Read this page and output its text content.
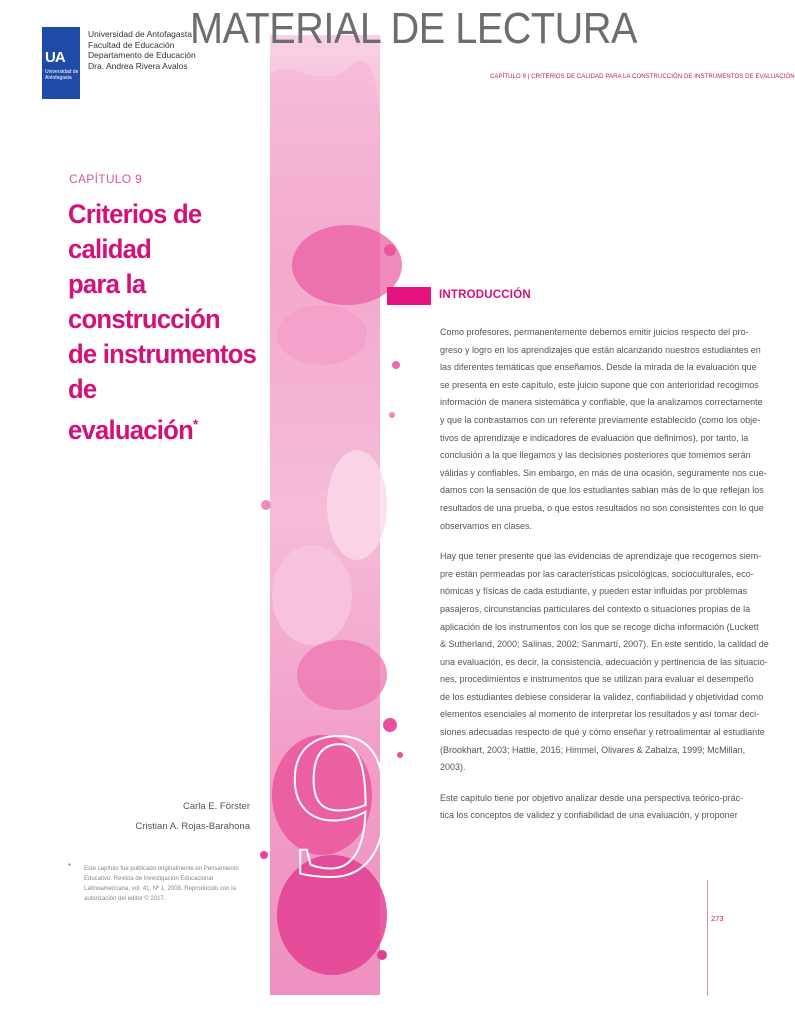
UA
Universidad de Antofagasta
Universidad de Antofagasta
Facultad de Educación
Departamento de Educación
Dra. Andrea Rivera Avalos
MATERIAL DE LECTURA
CAPÍTULO 9 | CRITERIOS DE CALIDAD PARA LA CONSTRUCCIÓN DE INSTRUMENTOS DE EVALUACIÓN
CAPÍTULO 9
Criterios de calidad
para la construcción
de instrumentos de
evaluación*
9
Carla E. Förster
Cristian A. Rojas-Barahona
* Este capítulo fue publicado originalmente en Pensamiento Educativo. Revista de Investigación Educacional Latinoamericana, vol. 41, Nº 1, 2008. Reproducido con la autorización del editor © 2017.
INTRODUCCIÓN
Como profesores, permanentemente debemos emitir juicios respecto del pro-
greso y logro en los aprendizajes que están alcanzando nuestros estudiantes en
las diferentes temáticas que enseñamos. Desde la mirada de la evaluación que
se presenta en este capítulo, este juicio supone que con anterioridad recogimos
información de manera sistemática y confiable, que la analizamos correctamente
y que la contrastamos con un referente previamente establecido (como los obje-
tivos de aprendizaje e indicadores de evaluación que definimos), por tanto, la
conclusión a la que llegamos y las decisiones posteriores que tomemos serán
válidas y confiables. Sin embargo, en más de una ocasión, seguramente nos cue-
damos con la sensación de que los estudiantes sabían más de lo que reflejan los
resultados de una prueba, o que estos resultados no son consistentes con lo que
observamos en clases.
Hay que tener presente que las evidencias de aprendizaje que recogemos siem-
pre están permeadas por las características psicológicas, socioculturales, eco-
nómicas y físicas de cada estudiante, y pueden estar influidas por problemas
pasajeros, circunstancias particulares del contexto o situaciones propias de la
aplicación de los instrumentos con los que se recoge dicha información (Luckett
& Sutherland, 2000; Salinas, 2002; Sanmartí, 2007). En este sentido, la calidad de
una evaluación, es decir, la consistencia, adecuación y pertinencia de las situacio-
nes, procedimientos e instrumentos que se utilizan para evaluar el desempeño
de los estudiantes debiese considerar la validez, confiabilidad y objetividad como
elementos esenciales al momento de interpretar los resultados y así tomar deci-
siones adecuadas respecto de qué y cómo enseñar y retroalimentar al estudiante
(Brookhart, 2003; Hattie, 2015; Himmel, Olivares & Zabalza, 1999; McMillan,
2003).
Este capítulo tiene por objetivo analizar desde una perspectiva teórico-prác-
tica los conceptos de validez y confiabilidad de una evaluación, y proponer
273
